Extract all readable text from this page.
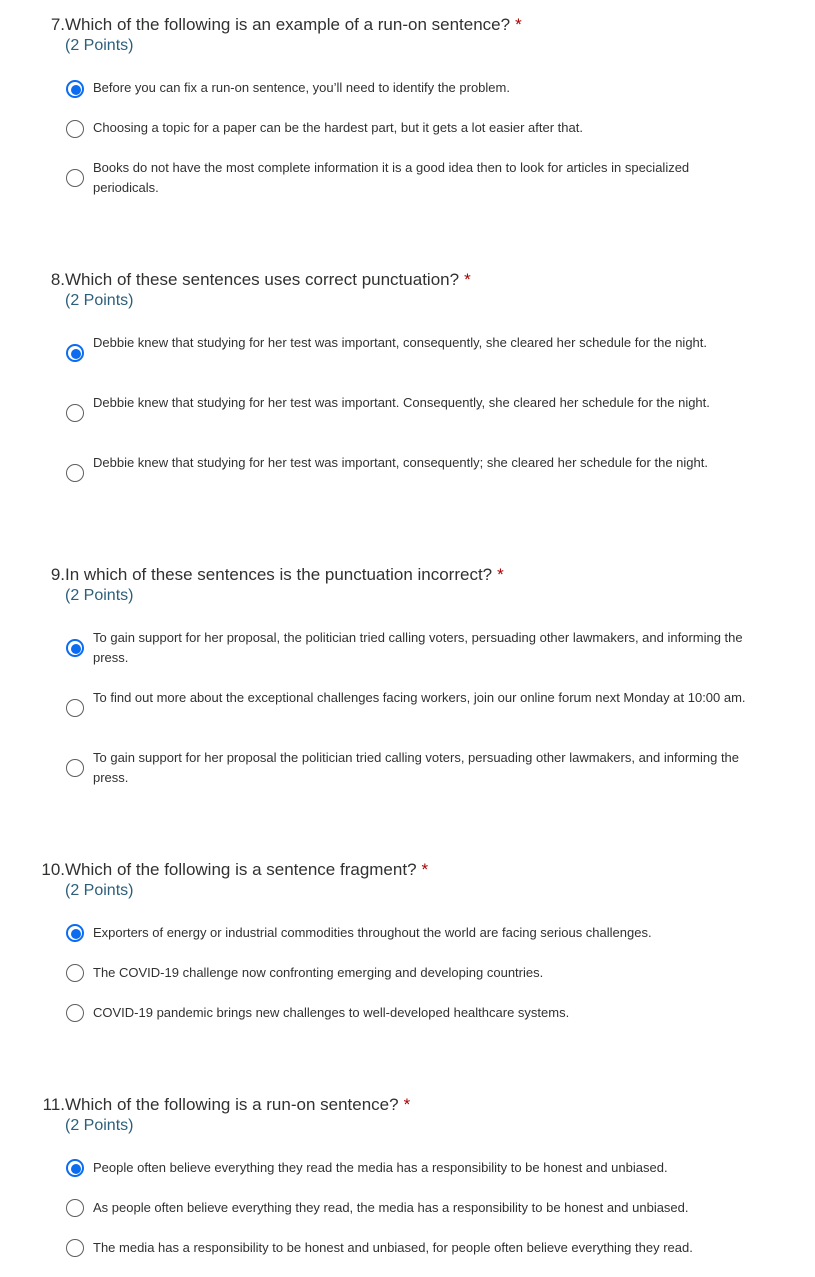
7. Which of the following is an example of a run-on sentence? *
(2 Points)
Before you can fix a run-on sentence, you’ll need to identify the problem.
Choosing a topic for a paper can be the hardest part, but it gets a lot easier after that.
Books do not have the most complete information it is a good idea then to look for articles in specialized periodicals.
8. Which of these sentences uses correct punctuation? *
(2 Points)
Debbie knew that studying for her test was important, consequently, she cleared her schedule for the night.
Debbie knew that studying for her test was important. Consequently, she cleared her schedule for the night.
Debbie knew that studying for her test was important, consequently; she cleared her schedule for the night.
9. In which of these sentences is the punctuation incorrect? *
(2 Points)
To gain support for her proposal, the politician tried calling voters, persuading other lawmakers, and informing the press.
To find out more about the exceptional challenges facing workers, join our online forum next Monday at 10:00 am.
To gain support for her proposal the politician tried calling voters, persuading other lawmakers, and informing the press.
10. Which of the following is a sentence fragment? *
(2 Points)
Exporters of energy or industrial commodities throughout the world are facing serious challenges.
The COVID-19 challenge now confronting emerging and developing countries.
COVID-19 pandemic brings new challenges to well-developed healthcare systems.
11. Which of the following is a run-on sentence? *
(2 Points)
People often believe everything they read the media has a responsibility to be honest and unbiased.
As people often believe everything they read, the media has a responsibility to be honest and unbiased.
The media has a responsibility to be honest and unbiased, for people often believe everything they read.
